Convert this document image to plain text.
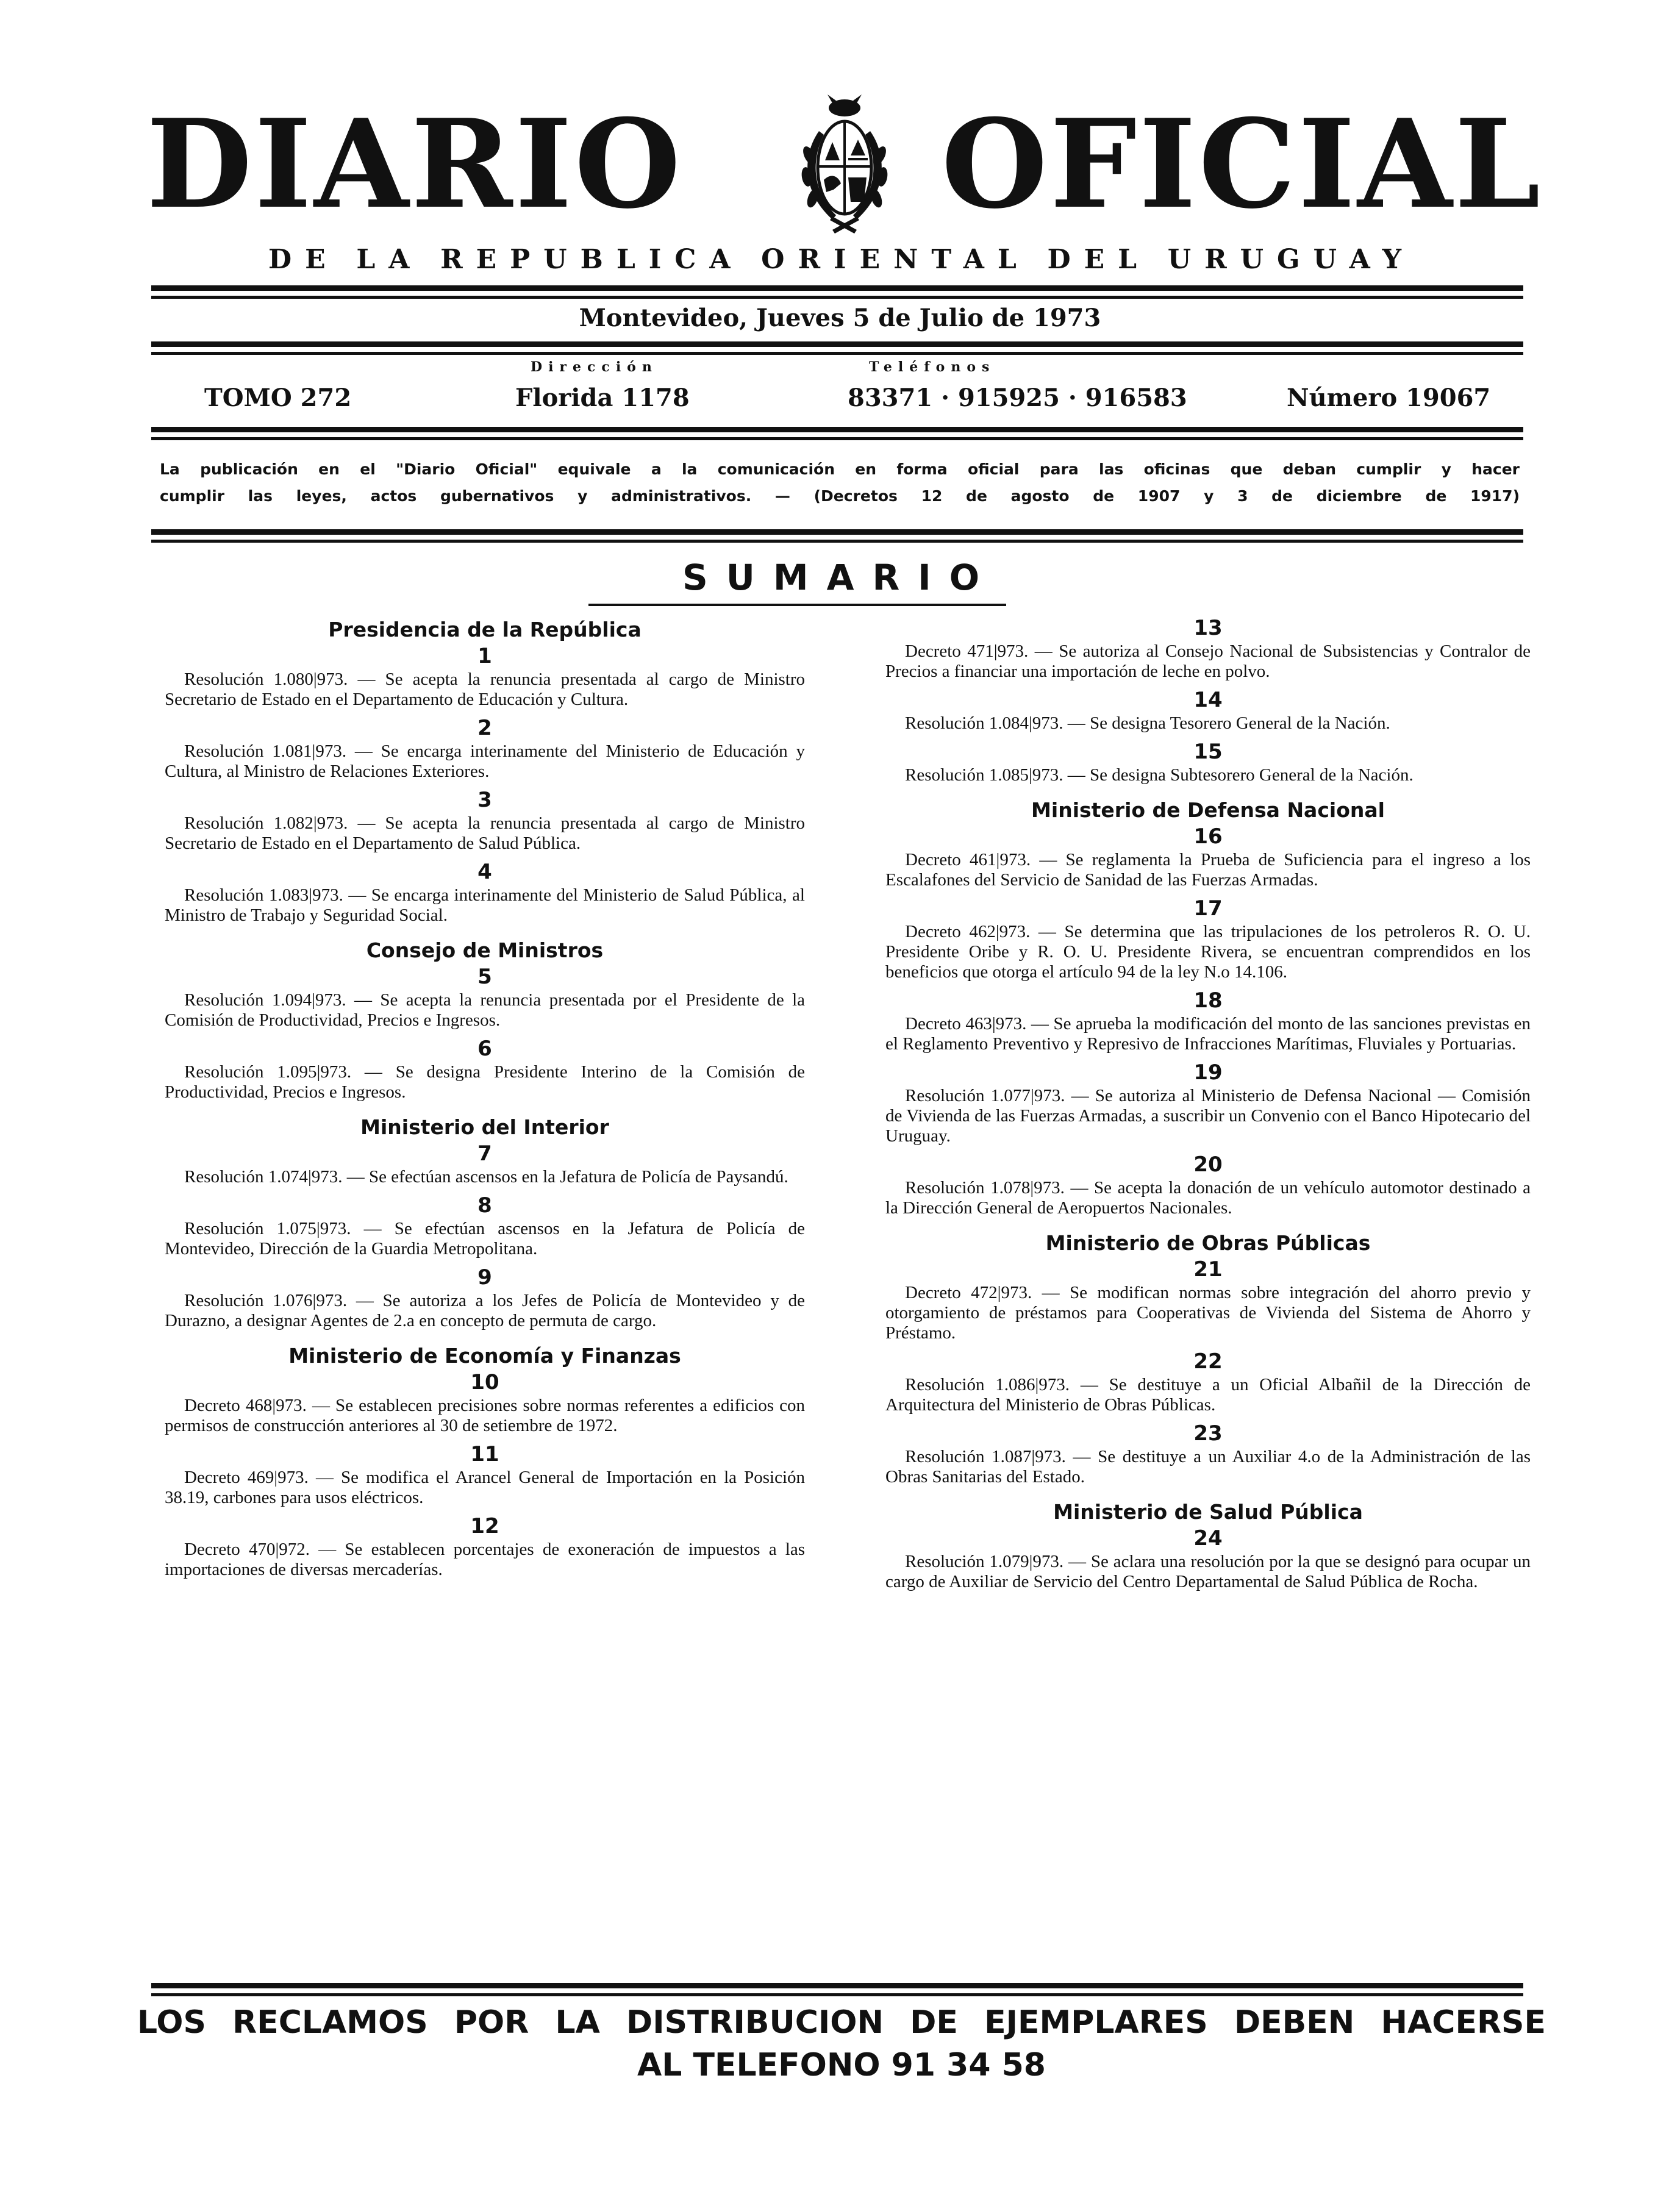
DIARIO	OFICIAL
DE LA REPUBLICA ORIENTAL DEL URUGUAY
Montevideo, Jueves 5 de Julio de 1973
Dirección	Teléfonos
TOMO 272	Florida 1178	83371 · 915925 · 916583	Número 19067
La publicación en el "Diario Oficial" equivale a la comunicación en forma oficial para las oficinas que deban cumplir y hacer
cumplir las leyes, actos gubernativos y administrativos. — (Decretos 12 de agosto de 1907 y 3 de diciembre de 1917)
SUMARIO
Presidencia de la República
1
Resolución 1.080|973. — Se acepta la renuncia presentada al cargo de Ministro Secretario de Estado en el Departamento de Educación y Cultura.
2
Resolución 1.081|973. — Se encarga interinamente del Ministerio de Educación y Cultura, al Ministro de Relaciones Exteriores.
3
Resolución 1.082|973. — Se acepta la renuncia presentada al cargo de Ministro Secretario de Estado en el Departamento de Salud Pública.
4
Resolución 1.083|973. — Se encarga interinamente del Ministerio de Salud Pública, al Ministro de Trabajo y Seguridad Social.
Consejo de Ministros
5
Resolución 1.094|973. — Se acepta la renuncia presentada por el Presidente de la Comisión de Productividad, Precios e Ingresos.
6
Resolución 1.095|973. — Se designa Presidente Interino de la Comisión de Productividad, Precios e Ingresos.
Ministerio del Interior
7
Resolución 1.074|973. — Se efectúan ascensos en la Jefatura de Policía de Paysandú.
8
Resolución 1.075|973. — Se efectúan ascensos en la Jefatura de Policía de Montevideo, Dirección de la Guardia Metropolitana.
9
Resolución 1.076|973. — Se autoriza a los Jefes de Policía de Montevideo y de Durazno, a designar Agentes de 2.a en concepto de permuta de cargo.
Ministerio de Economía y Finanzas
10
Decreto 468|973. — Se establecen precisiones sobre normas referentes a edificios con permisos de construcción anteriores al 30 de setiembre de 1972.
11
Decreto 469|973. — Se modifica el Arancel General de Importación en la Posición 38.19, carbones para usos eléctricos.
12
Decreto 470|972. — Se establecen porcentajes de exoneración de impuestos a las importaciones de diversas mercaderías.
13
Decreto 471|973. — Se autoriza al Consejo Nacional de Subsistencias y Contralor de Precios a financiar una importación de leche en polvo.
14
Resolución 1.084|973. — Se designa Tesorero General de la Nación.
15
Resolución 1.085|973. — Se designa Subtesorero General de la Nación.
Ministerio de Defensa Nacional
16
Decreto 461|973. — Se reglamenta la Prueba de Suficiencia para el ingreso a los Escalafones del Servicio de Sanidad de las Fuerzas Armadas.
17
Decreto 462|973. — Se determina que las tripulaciones de los petroleros R. O. U. Presidente Oribe y R. O. U. Presidente Rivera, se encuentran comprendidos en los beneficios que otorga el artículo 94 de la ley N.o 14.106.
18
Decreto 463|973. — Se aprueba la modificación del monto de las sanciones previstas en el Reglamento Preventivo y Represivo de Infracciones Marítimas, Fluviales y Portuarias.
19
Resolución 1.077|973. — Se autoriza al Ministerio de Defensa Nacional — Comisión de Vivienda de las Fuerzas Armadas, a suscribir un Convenio con el Banco Hipotecario del Uruguay.
20
Resolución 1.078|973. — Se acepta la donación de un vehículo automotor destinado a la Dirección General de Aeropuertos Nacionales.
Ministerio de Obras Públicas
21
Decreto 472|973. — Se modifican normas sobre integración del ahorro previo y otorgamiento de préstamos para Cooperativas de Vivienda del Sistema de Ahorro y Préstamo.
22
Resolución 1.086|973. — Se destituye a un Oficial Albañil de la Dirección de Arquitectura del Ministerio de Obras Públicas.
23
Resolución 1.087|973. — Se destituye a un Auxiliar 4.o de la Administración de las Obras Sanitarias del Estado.
Ministerio de Salud Pública
24
Resolución 1.079|973. — Se aclara una resolución por la que se designó para ocupar un cargo de Auxiliar de Servicio del Centro Departamental de Salud Pública de Rocha.
LOS RECLAMOS POR LA DISTRIBUCION DE EJEMPLARES DEBEN HACERSE
AL TELEFONO 91 34 58
